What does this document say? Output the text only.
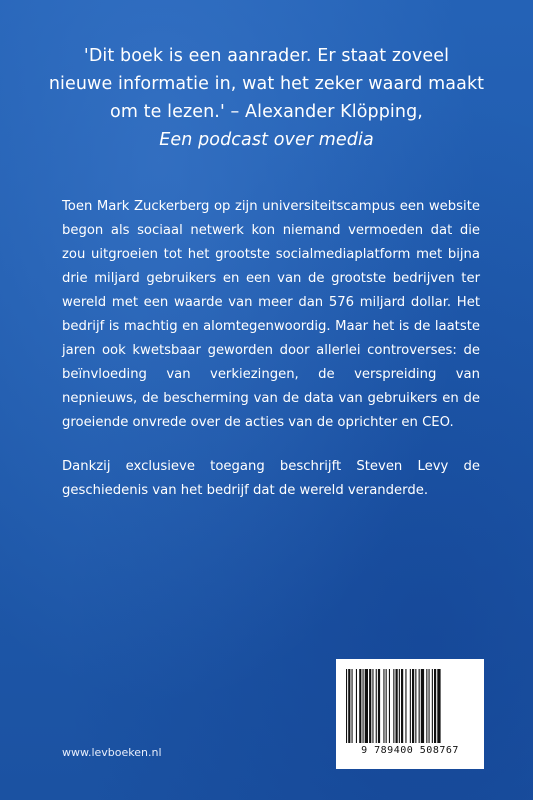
'Dit boek is een aanrader. Er staat zoveel
nieuwe informatie in, wat het zeker waard maakt
om te lezen.' – Alexander Klöpping,
Een podcast over media

Toen Mark Zuckerberg op zijn universiteitscampus een website begon als sociaal netwerk kon niemand vermoeden dat die zou uitgroeien tot het grootste socialmediaplatform met bijna drie miljard gebruikers en een van de grootste bedrijven ter wereld met een waarde van meer dan 576 miljard dollar. Het bedrijf is machtig en alomtegenwoordig. Maar het is de laatste jaren ook kwetsbaar geworden door allerlei controverses: de beïnvloeding van verkiezingen, de verspreiding van nepnieuws, de bescherming van de data van gebruikers en de groeiende onvrede over de acties van de oprichter en CEO.

Dankzij exclusieve toegang beschrijft Steven Levy de geschiedenis van het bedrijf dat de wereld veranderde.

www.levboeken.nl	9 789400 508767
